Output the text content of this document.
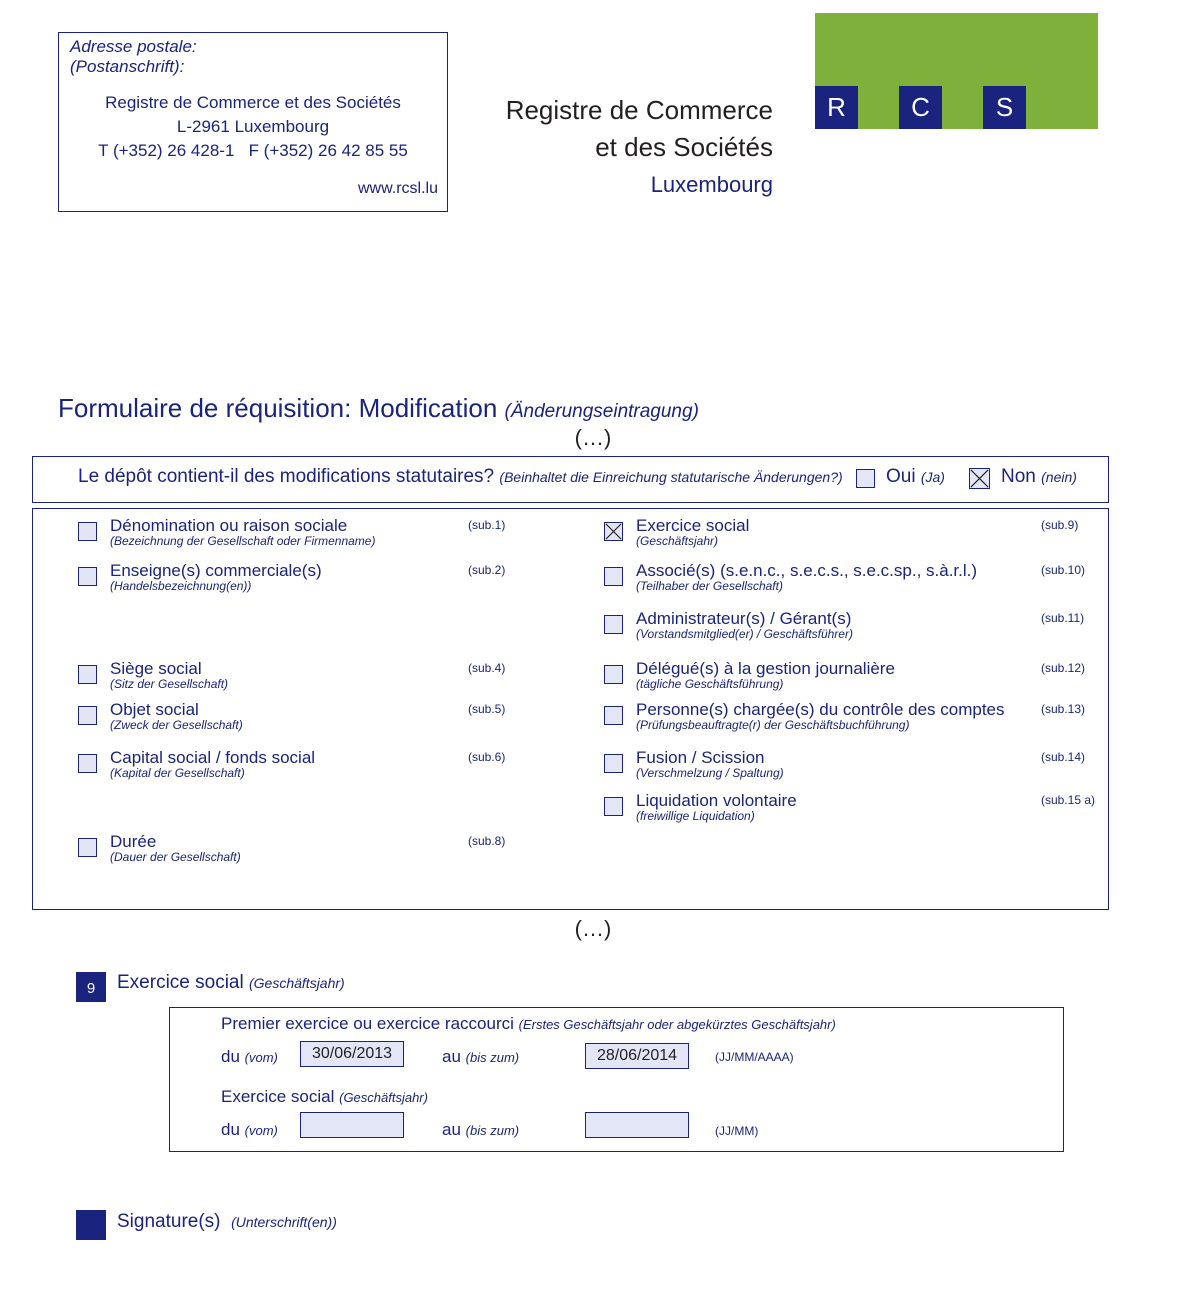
Adresse postale:
(Postanschrift):
Registre de Commerce et des Sociétés
L-2961 Luxembourg
T (+352) 26 428-1   F (+352) 26 42 85 55
www.rcsl.lu
Registre de Commerce
et des Sociétés
Luxembourg
R	C	S
Formulaire de réquisition: Modification (Änderungseintragung)
(…)
Le dépôt contient-il des modifications statutaires? (Beinhaltet die Einreichung statutarische Änderungen?) Oui (Ja)	Non (nein)
Dénomination ou raison sociale
(Bezeichnung der Gesellschaft oder Firmenname)
(sub.1)
Enseigne(s) commerciale(s)
(Handelsbezeichnung(en))
(sub.2)
Siège social
(Sitz der Gesellschaft)
(sub.4)
Objet social
(Zweck der Gesellschaft)
(sub.5)
Capital social / fonds social
(Kapital der Gesellschaft)
(sub.6)
Durée
(Dauer der Gesellschaft)
(sub.8)
Exercice social
(Geschäftsjahr)
(sub.9)
Associé(s) (s.e.n.c., s.e.c.s., s.e.c.sp., s.à.r.l.)
(Teilhaber der Gesellschaft)
(sub.10)
Administrateur(s) / Gérant(s)
(Vorstandsmitglied(er) / Geschäftsführer)
(sub.11)
Délégué(s) à la gestion journalière
(tägliche Geschäftsführung)
(sub.12)
Personne(s) chargée(s) du contrôle des comptes
(Prüfungsbeauftragte(r) der Geschäftsbuchführung)
(sub.13)
Fusion / Scission
(Verschmelzung / Spaltung)
(sub.14)
Liquidation volontaire
(freiwillige Liquidation)
(sub.15 a)
(…)
9	Exercice social (Geschäftsjahr)
Premier exercice ou exercice raccourci (Erstes Geschäftsjahr oder abgekürztes Geschäftsjahr)
du (vom)	30/06/2013	au (bis zum)	28/06/2014	(JJ/MM/AAAA)
Exercice social (Geschäftsjahr)
du (vom)	au (bis zum)	(JJ/MM)
Signature(s) (Unterschrift(en))
